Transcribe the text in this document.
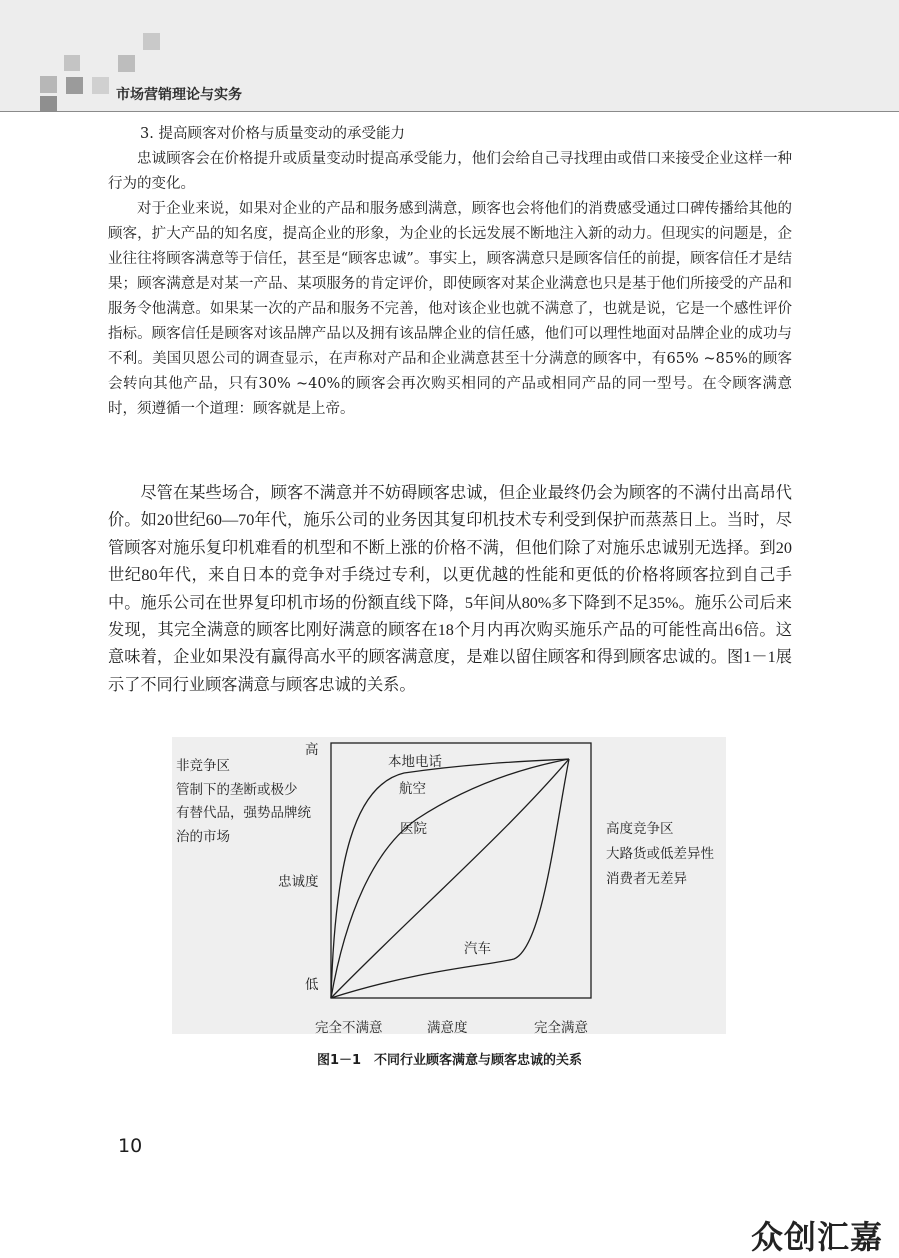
市场营销理论与实务
3. 提高顾客对价格与质量变动的承受能力

忠诚顾客会在价格提升或质量变动时提高承受能力，他们会给自己寻找理由或借口来接受企业这样一种行为的变化。

对于企业来说，如果对企业的产品和服务感到满意，顾客也会将他们的消费感受通过口碑传播给其他的顾客，扩大产品的知名度，提高企业的形象，为企业的长远发展不断地注入新的动力。但现实的问题是，企业往往将顾客满意等于信任，甚至是“顾客忠诚”。事实上，顾客满意只是顾客信任的前提，顾客信任才是结果；顾客满意是对某一产品、某项服务的肯定评价，即使顾客对某企业满意也只是基于他们所接受的产品和服务令他满意。如果某一次的产品和服务不完善，他对该企业也就不满意了，也就是说，它是一个感性评价指标。顾客信任是顾客对该品牌产品以及拥有该品牌企业的信任感，他们可以理性地面对品牌企业的成功与不利。美国贝恩公司的调查显示，在声称对产品和企业满意甚至十分满意的顾客中，有65% ~85%的顾客会转向其他产品，只有30% ~40%的顾客会再次购买相同的产品或相同产品的同一型号。在令顾客满意时，须遵循一个道理：顾客就是上帝。

尽管在某些场合，顾客不满意并不妨碍顾客忠诚，但企业最终仍会为顾客的不满付出高昂代价。如20世纪60—70年代，施乐公司的业务因其复印机技术专利受到保护而蒸蒸日上。当时，尽管顾客对施乐复印机难看的机型和不断上涨的价格不满，但他们除了对施乐忠诚别无选择。到20世纪80年代，来自日本的竞争对手绕过专利，以更优越的性能和更低的价格将顾客拉到自己手中。施乐公司在世界复印机市场的份额直线下降，5年间从80%多下降到不足35%。施乐公司后来发现，其完全满意的顾客比刚好满意的顾客在18个月内再次购买施乐产品的可能性高出6倍。这意味着，企业如果没有赢得高水平的顾客满意度，是难以留住顾客和得到顾客忠诚的。图1－1展示了不同行业顾客满意与顾客忠诚的关系。

非竞争区
管制下的垄断或极少
有替代品，强势品牌统
治的市场	高度竞争区
大路货或低差异性
消费者无差异
高
忠诚度
低
完全不满意	满意度	完全满意
本地电话
航空
医院
汽车
图1－1　不同行业顾客满意与顾客忠诚的关系
10
众创汇嘉
